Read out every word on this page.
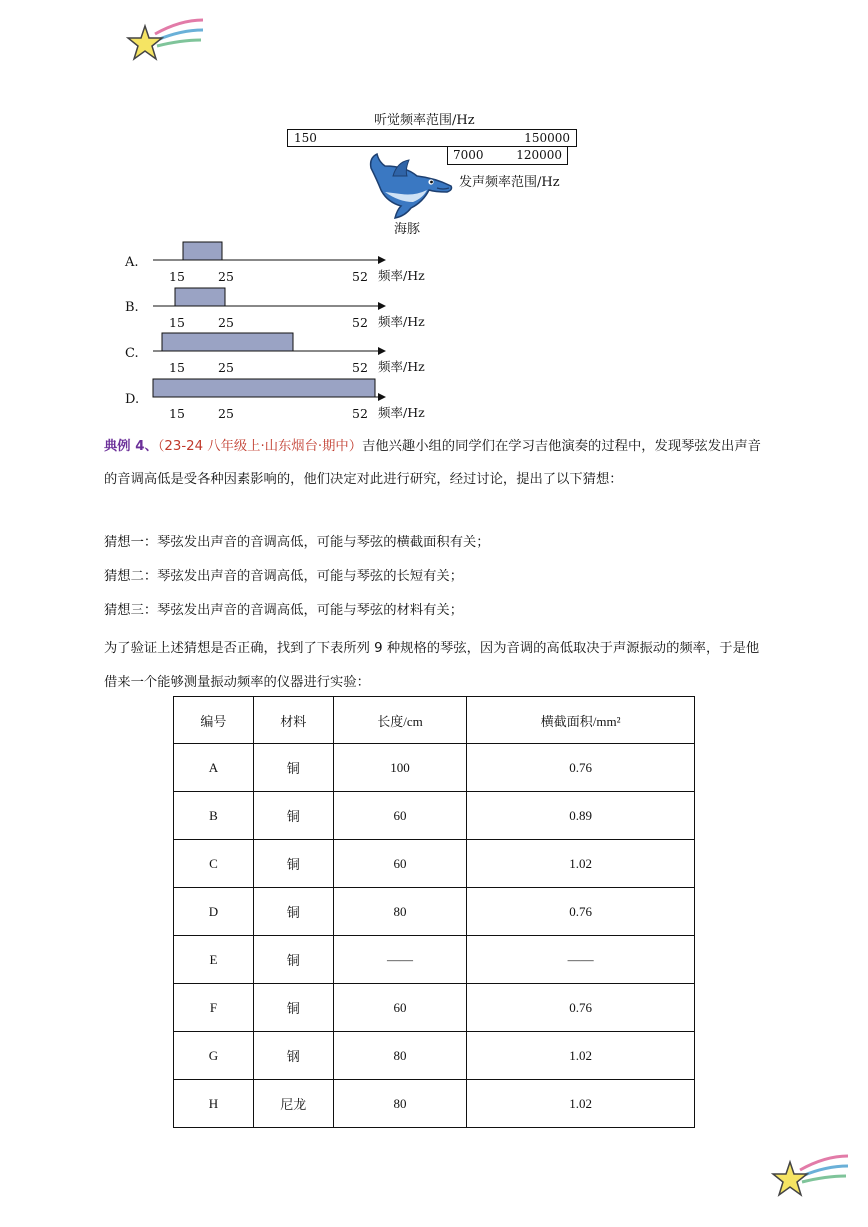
听觉频率范围/Hz
150	150000
7000	120000
发声频率范围/Hz
海豚
A.
15	25	52 频率/Hz
B.
15	25	52 频率/Hz
C.
15	25	52 频率/Hz
D.
15	25	52 频率/Hz
典例 4、（23-24 八年级上·山东烟台·期中）吉他兴趣小组的同学们在学习吉他演奏的过程中，发现琴弦发出声音的音调高低是受各种因素影响的，他们决定对此进行研究，经过讨论，提出了以下猜想：
猜想一：琴弦发出声音的音调高低，可能与琴弦的横截面积有关；
猜想二：琴弦发出声音的音调高低，可能与琴弦的长短有关；
猜想三：琴弦发出声音的音调高低，可能与琴弦的材料有关；
为了验证上述猜想是否正确，找到了下表所列 9 种规格的琴弦，因为音调的高低取决于声源振动的频率，于是他借来一个能够测量振动频率的仪器进行实验：
编号	材料	长度/cm	横截面积/mm²
A	铜	100	0.76
B	铜	60	0.89
C	铜	60	1.02
D	铜	80	0.76
E	铜	——	——
F	铜	60	0.76
G	钢	80	1.02
H	尼龙	80	1.02
